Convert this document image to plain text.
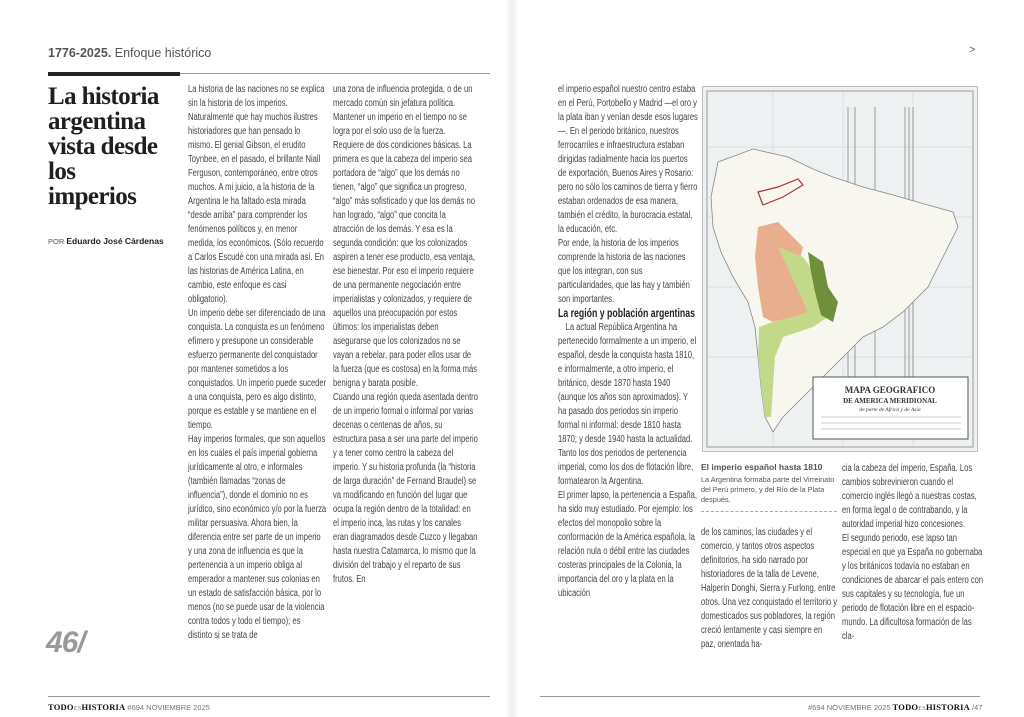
1776-2025. Enfoque histórico	>
La historia
argentina
vista desde
los
imperios
POR Eduardo José Cárdenas

La historia de las naciones no se explica sin la historia de los imperios. Naturalmente que hay muchos ilustres historiadores que han pensado lo mismo. El genial Gibson, el erudito Toynbee, en el pasado, el brillante Niall Ferguson, contemporáneo, entre otros muchos. A mi juicio, a la historia de la Argentina le ha faltado esta mirada “desde arriba” para comprender los fenómenos políticos y, en menor medida, los económicos. (Sólo recuerdo a Carlos Escudé con una mirada así. En las historias de América Latina, en cambio, este enfoque es casi obligatorio).

Un imperio debe ser diferenciado de una conquista. La conquista es un fenómeno efímero y presupone un considerable esfuerzo permanente del conquistador por mantener sometidos a los conquistados. Un imperio puede suceder a una conquista, pero es algo distinto, porque es estable y se mantiene en el tiempo.

Hay imperios formales, que son aquellos en los cuales el país imperial gobierna jurídicamente al otro, e informales (también llamadas “zonas de influencia”), donde el dominio no es jurídico, sino económico y/o por la fuerza militar persuasiva. Ahora bien, la diferencia entre ser parte de un imperio y una zona de influencia es que la pertenencia a un imperio obliga al emperador a mantener sus colonias en un estado de satisfacción básica, por lo menos (no se puede usar de la violencia contra todos y todo el tiempo); es distinto si se trata de

una zona de influencia protegida, o de un mercado común sin jefatura política.

Mantener un imperio en el tiempo no se logra por el solo uso de la fuerza. Requiere de dos condiciones básicas. La primera es que la cabeza del imperio sea portadora de “algo” que los demás no tienen, “algo” que significa un progreso, “algo” más sofisticado y que los demás no han logrado, “algo” que concita la atracción de los demás. Y esa es la segunda condición: que los colonizados aspiren a tener ese producto, esa ventaja, ese bienestar. Por eso el imperio requiere de una permanente negociación entre imperialistas y colonizados, y requiere de aquellos una preocupación por estos últimos: los imperialistas deben asegurarse que los colonizados no se vayan a rebelar, para poder ellos usar de la fuerza (que es costosa) en la forma más benigna y barata posible.

Cuando una región queda asentada dentro de un imperio formal o informal por varias decenas o centenas de años, su estructura pasa a ser una parte del imperio y a tener como centro la cabeza del imperio. Y su historia profunda (la “historia de larga duración” de Fernand Braudel) se va modificando en función del lugar que ocupa la región dentro de la totalidad: en el imperio inca, las rutas y los canales eran diagramados desde Cuzco y llegaban hasta nuestra Catamarca, lo mismo que la división del trabajo y el reparto de sus frutos. En

46/
TODOESHISTORIA #694 NOVIEMBRE 2025

el imperio español nuestro centro estaba en el Perú, Portobello y Madrid —el oro y la plata iban y venían desde esos lugares—. En el periodo británico, nuestros ferrocarriles e infraestructura estaban dirigidas radialmente hacia los puertos de exportación, Buenos Aires y Rosario: pero no sólo los caminos de tierra y fierro estaban ordenados de esa manera, también el crédito, la burocracia estatal, la educación, etc.

Por ende, la historia de los imperios comprende la historia de las naciones que los integran, con sus particularidades, que las hay y también son importantes.

La región y población argentinas

La actual República Argentina ha pertenecido formalmente a un imperio, el español, desde la conquista hasta 1810, e informalmente, a otro imperio, el británico, desde 1870 hasta 1940 (aunque los años son aproximados). Y ha pasado dos periodos sin imperio formal ni informal: desde 1810 hasta 1870; y desde 1940 hasta la actualidad. Tanto los dos periodos de pertenencia imperial, como los dos de flotación libre, formatearon la Argentina.

El primer lapso, la pertenencia a España, ha sido muy estudiado. Por ejemplo: los efectos del monopolio sobre la conformación de la América española, la relación nula o débil entre las ciudades costeras principales de la Colonia, la importancia del oro y la plata en la ubicación

MAPA GEOGRAFICO
DE AMERICA MERIDIONAL
de parte de Africa y de Asia
El imperio español hasta 1810
La Argentina formaba parte del Virreinato del Perú primero, y del Río de la Plata después.

de los caminos, las ciudades y el comercio, y tantos otros aspectos definitorios, ha sido narrado por historiadores de la talla de Levene, Halperin Donghi, Sierra y Furlong, entre otros. Una vez conquistado el territorio y domesticados sus pobladores, la región creció lentamente y casi siempre en paz, orientada ha-

cia la cabeza del imperio, España. Los cambios sobrevinieron cuando el comercio inglés llegó a nuestras costas, en forma legal o de contrabando, y la autoridad imperial hizo concesiones.

El segundo periodo, ese lapso tan especial en que ya España no gobernaba y los británicos todavía no estaban en condiciones de abarcar el país entero con sus capitales y su tecnología, fue un periodo de flotación libre en el espacio-mundo. La dificultosa formación de las cla-

#694 NOVIEMBRE 2025 TODOESHISTORIA /47
